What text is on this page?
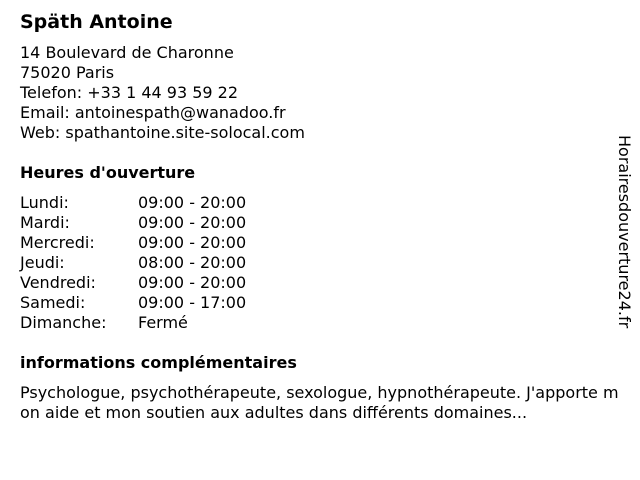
Späth Antoine
14 Boulevard de Charonne
75020 Paris
Telefon: +33 1 44 93 59 22
Email: antoinespath@wanadoo.fr
Web: spathantoine.site-solocal.com
Heures d'ouverture
Lundi:	09:00 - 20:00
Mardi:	09:00 - 20:00
Mercredi:	09:00 - 20:00
Jeudi:	08:00 - 20:00
Vendredi:	09:00 - 20:00
Samedi:	09:00 - 17:00
Dimanche:	Fermé
informations complémentaires
Psychologue, psychothérapeute, sexologue, hypnothérapeute. J'apporte mon aide et mon soutien aux adultes dans différents domaines...
Horairesdouverture24.fr
